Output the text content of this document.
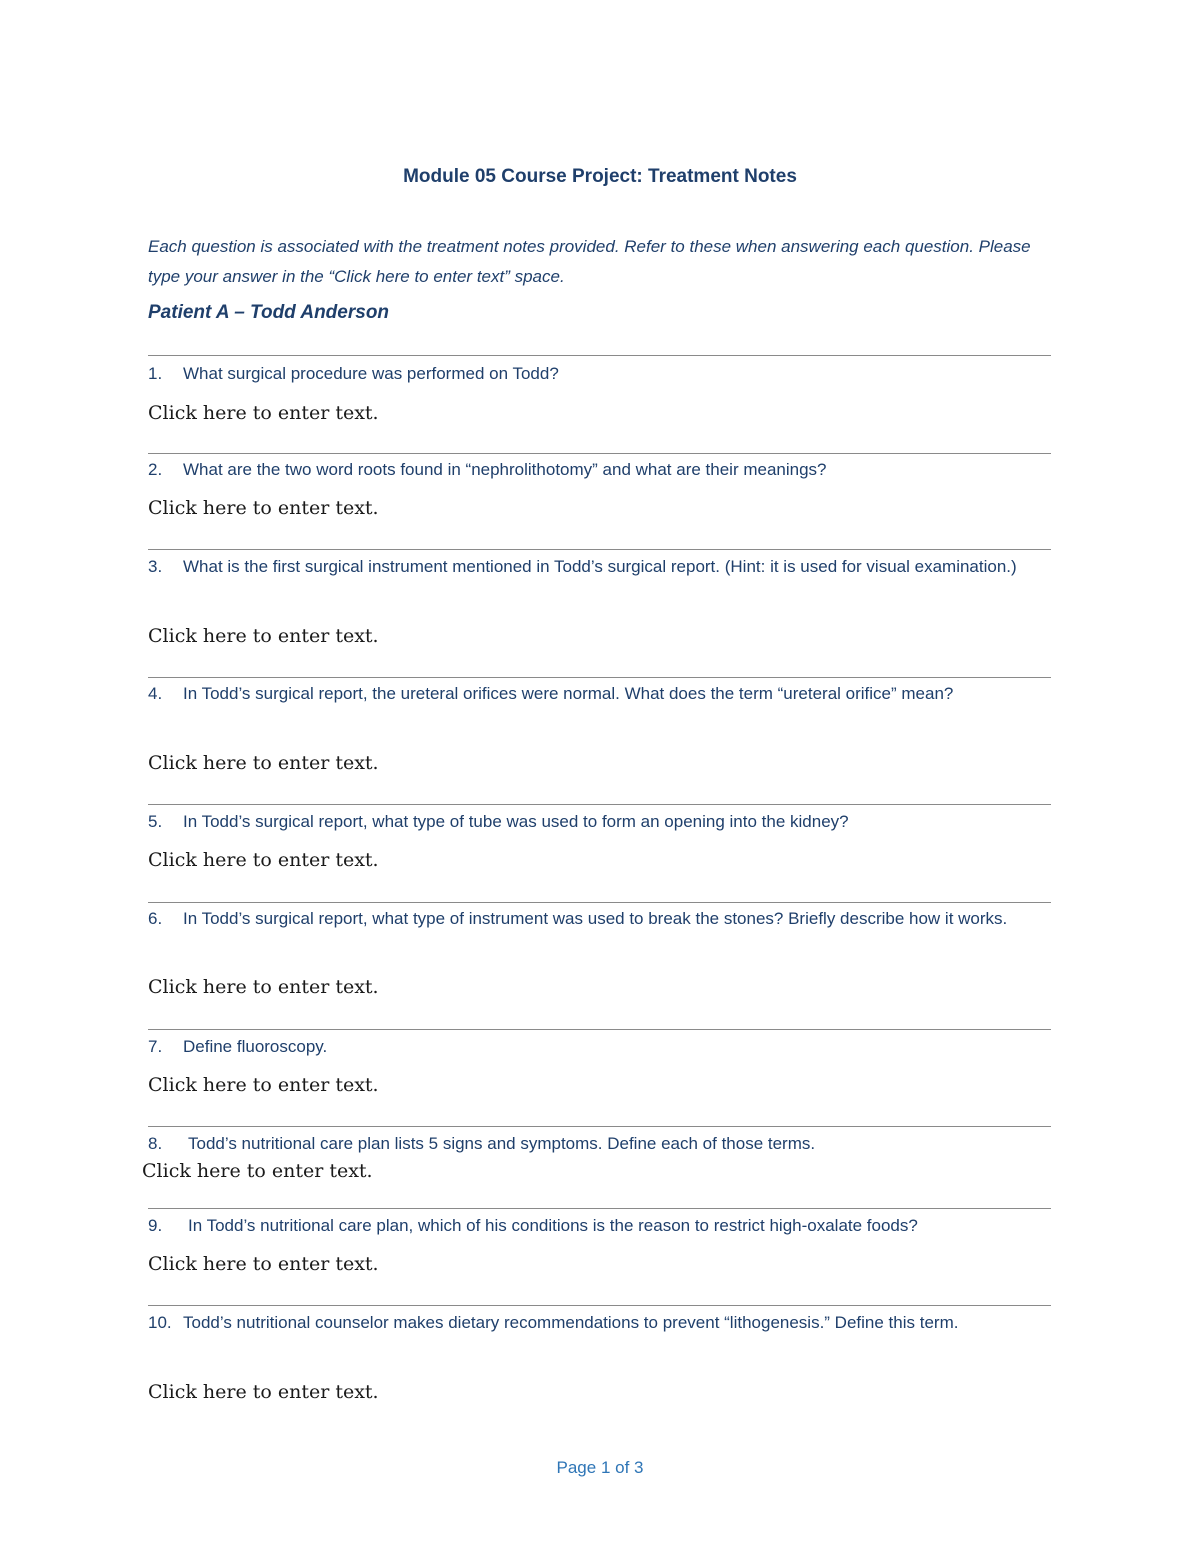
Module 05 Course Project: Treatment Notes
Each question is associated with the treatment notes provided. Refer to these when answering each question. Please type your answer in the “Click here to enter text” space.
Patient A – Todd Anderson
1.	What surgical procedure was performed on Todd?
Click here to enter text.
2.	What are the two word roots found in “nephrolithotomy” and what are their meanings?
Click here to enter text.
3.	What is the first surgical instrument mentioned in Todd’s surgical report. (Hint: it is used for visual examination.)
Click here to enter text.
4.	In Todd’s surgical report, the ureteral orifices were normal. What does the term “ureteral orifice” mean?
Click here to enter text.
5.	In Todd’s surgical report, what type of tube was used to form an opening into the kidney?
Click here to enter text.
6.	In Todd’s surgical report, what type of instrument was used to break the stones? Briefly describe how it works.
Click here to enter text.
7.	Define fluoroscopy.
Click here to enter text.
8.	Todd’s nutritional care plan lists 5 signs and symptoms. Define each of those terms.
Click here to enter text.
9.	In Todd’s nutritional care plan, which of his conditions is the reason to restrict high-oxalate foods?
Click here to enter text.
10. Todd’s nutritional counselor makes dietary recommendations to prevent “lithogenesis.” Define this term.
Click here to enter text.
Page 1 of 3
